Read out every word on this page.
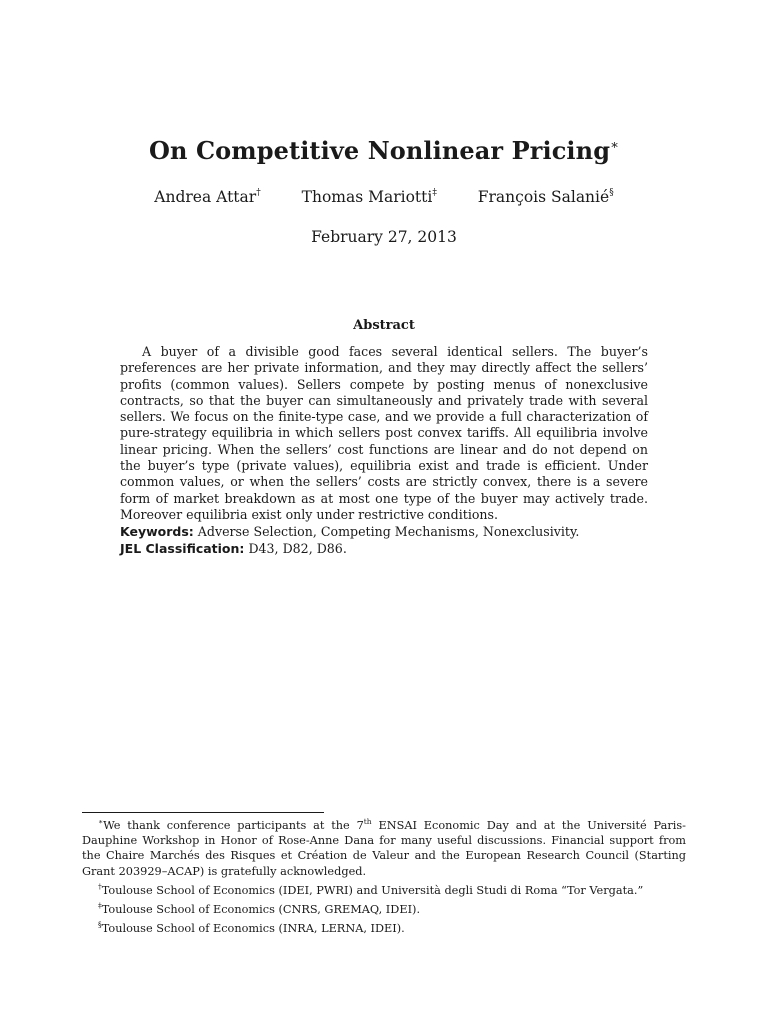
On Competitive Nonlinear Pricing∗
Andrea Attar†	Thomas Mariotti‡	François Salanié§
February 27, 2013
Abstract

A buyer of a divisible good faces several identical sellers. The buyer’s preferences are her private information, and they may directly affect the sellers’ profits (common values). Sellers compete by posting menus of nonexclusive contracts, so that the buyer can simultaneously and privately trade with several sellers. We focus on the finite-type case, and we provide a full characterization of pure-strategy equilibria in which sellers post convex tariffs. All equilibria involve linear pricing. When the sellers’ cost functions are linear and do not depend on the buyer’s type (private values), equilibria exist and trade is efficient. Under common values, or when the sellers’ costs are strictly convex, there is a severe form of market breakdown as at most one type of the buyer may actively trade. Moreover equilibria exist only under restrictive conditions.

Keywords: Adverse Selection, Competing Mechanisms, Nonexclusivity.
JEL Classification: D43, D82, D86.

∗We thank conference participants at the 7th ENSAI Economic Day and at the Université Paris-Dauphine Workshop in Honor of Rose-Anne Dana for many useful discussions. Financial support from the Chaire Marchés des Risques et Création de Valeur and the European Research Council (Starting Grant 203929–ACAP) is gratefully acknowledged.

†Toulouse School of Economics (IDEI, PWRI) and Università degli Studi di Roma “Tor Vergata.”

‡Toulouse School of Economics (CNRS, GREMAQ, IDEI).

§Toulouse School of Economics (INRA, LERNA, IDEI).
